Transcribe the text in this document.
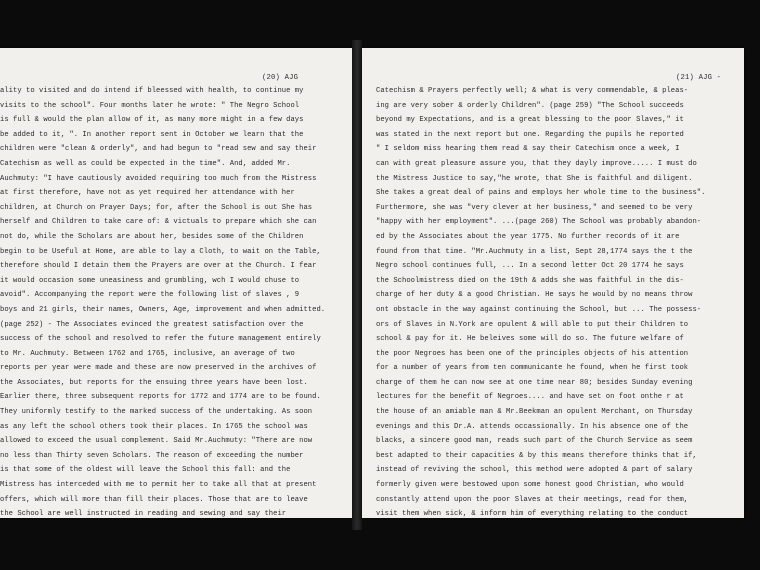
(20) AJG
ality to visited and do intend if bleessed with health, to continue my
visits to the school". Four months later he wrote: " The Negro School
is full & would the plan allow of it, as many more might in a few days
be added to it, ". In another report sent in October we learn that the
children were "clean & orderly", and had begun to "read sew and say their
Catechism as well as could be expected in the time". And, added Mr.
Auchmuty: "I have cautiously avoided requiring too much from the Mistress
at first therefore, have not as yet required her attendance with her
children, at Church on Prayer Days; for, after the School is out She has
herself and Children to take care of: & victuals to prepare which she can
not do, while the Scholars are about her, besides some of the Children
begin to be Useful at Home, are able to lay a Cloth, to wait on the Table,
therefore should I detain them the Prayers are over at the Church. I fear
it would occasion some uneasiness and grumbling, wch I would chuse to
avoid". Accompanying the report were the following list of slaves , 9
boys and 21 girls, their names, Owners, Age, improvement and when admitted.
(page 252) - The Associates evinced the greatest satisfaction over the
success of the school and resolved to refer the future management entirely
to Mr. Auchmuty. Between 1762 and 1765, inclusive, an average of two
reports per year were made and these are now preserved in the archives of
the Associates, but reports for the ensuing three years have been lost.
Earlier there, three subsequent reports for 1772 and 1774 are to be found.
They uniformly testify to the marked success of the undertaking. As soon
as any left the school others took their places. In 1765 the school was
allowed to exceed the usual complement. Said Mr.Auchmuty: "There are now
no less than Thirty seven Scholars. The reason of exceeding the number
is that some of the oldest will leave the School this fall: and the
Mistress has interceded with me to permit her to take all that at present
offers, which will more than fill their places. Those that are to leave
the School are well instructed in reading and sewing and say their
(21) AJG -
Catechism & Prayers perfectly well; & what is very commendable, & pleas-
ing are very sober & orderly Children". (page 259) "The School succeeds
beyond my Expectations, and is a great blessing to the poor Slaves," it
was stated in the next report but one. Regarding the pupils he reported
" I seldom miss hearing them read & say their Catechism once a week, I
can with great pleasure assure you, that they dayly improve..... I must do
the Mistress Justice to say,"he wrote, that She is faithful and diligent.
She takes a great deal of pains and employs her whole time to the business".
Furthermore, she was "very clever at her business," and seemed to be very
"happy with her employment". ...(page 260) The School was probably abandon-
ed by the Associates about the year 1775. No further records of it are
found from that time. "Mr.Auchmuty in a list, Sept 28,1774 says the t the
Negro school continues full, ... In a second letter Oct 20 1774 he says
the Schoolmistress died on the 19th & adds she was faithful in the dis-
charge of her duty & a good Christian. He says he would by no means throw
ont obstacle in the way against continuing the School, but ... The possess-
ors of Slaves in N.York are opulent & will able to put their Children to
school & pay for it. He beleives some will do so. The future welfare of
the poor Negroes has been one of the principles objects of his attention
for a number of years from ten communicante he found, when he first took
charge of them he can now see at one time near 80; besides Sunday evening
lectures for the benefit of Negroes.... and have set on foot onthe r at
the house of an amiable man & Mr.Beekman an opulent Merchant, on Thursday
evenings and this Dr.A. attends occassionally. In his absence one of the
blacks, a sincere good man, reads such part of the Church Service as seem
best adapted to their capacities & by this means therefore thinks that if,
instead of reviving the school, this method were adopted & part of salary
formerly given were bestowed upon some honest good Christian, who would
constantly attend upon the poor Slaves at their meetings, read for them,
visit them when sick, & inform him of everything relating to the conduct
